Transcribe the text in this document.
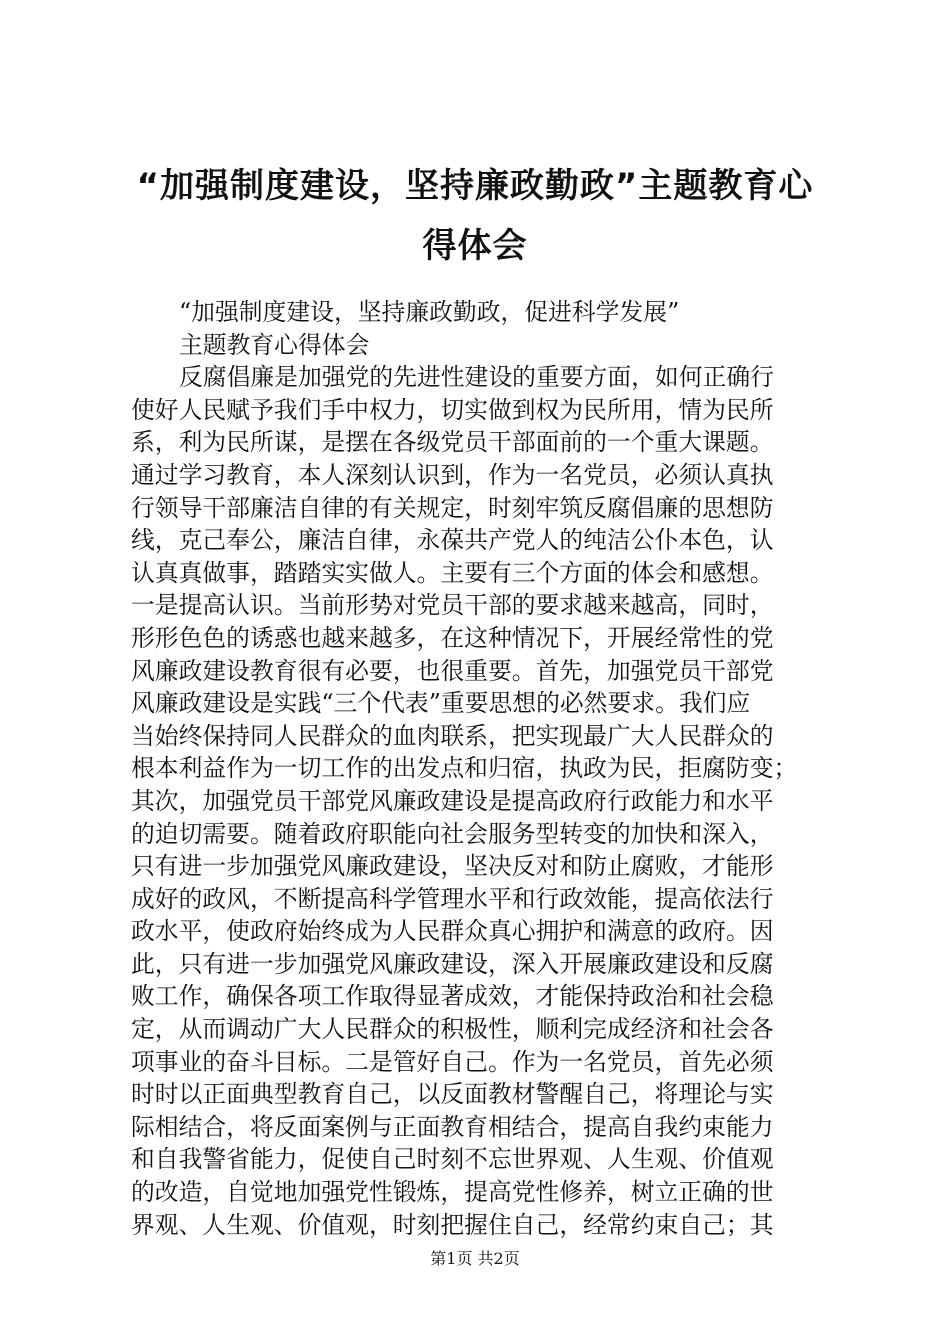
“加强制度建设，坚持廉政勤政”主题教育心
得体会
“加强制度建设，坚持廉政勤政，促进科学发展”
主题教育心得体会
反腐倡廉是加强党的先进性建设的重要方面，如何正确行
使好人民赋予我们手中权力，切实做到权为民所用，情为民所
系，利为民所谋，是摆在各级党员干部面前的一个重大课题。
通过学习教育，本人深刻认识到，作为一名党员，必须认真执
行领导干部廉洁自律的有关规定，时刻牢筑反腐倡廉的思想防
线，克己奉公，廉洁自律，永葆共产党人的纯洁公仆本色，认
认真真做事，踏踏实实做人。主要有三个方面的体会和感想。
一是提高认识。当前形势对党员干部的要求越来越高，同时，
形形色色的诱惑也越来越多，在这种情况下，开展经常性的党
风廉政建设教育很有必要，也很重要。首先，加强党员干部党
风廉政建设是实践“三个代表”重要思想的必然要求。我们应
当始终保持同人民群众的血肉联系，把实现最广大人民群众的
根本利益作为一切工作的出发点和归宿，执政为民，拒腐防变；
其次，加强党员干部党风廉政建设是提高政府行政能力和水平
的迫切需要。随着政府职能向社会服务型转变的加快和深入，
只有进一步加强党风廉政建设，坚决反对和防止腐败，才能形
成好的政风，不断提高科学管理水平和行政效能，提高依法行
政水平，使政府始终成为人民群众真心拥护和满意的政府。因
此，只有进一步加强党风廉政建设，深入开展廉政建设和反腐
败工作，确保各项工作取得显著成效，才能保持政治和社会稳
定，从而调动广大人民群众的积极性，顺利完成经济和社会各
项事业的奋斗目标。二是管好自己。作为一名党员，首先必须
时时以正面典型教育自己，以反面教材警醒自己，将理论与实
际相结合，将反面案例与正面教育相结合，提高自我约束能力
和自我警省能力，促使自己时刻不忘世界观、人生观、价值观
的改造，自觉地加强党性锻炼，提高党性修养，树立正确的世
界观、人生观、价值观，时刻把握住自己，经常约束自己；其
第1页 共2页
